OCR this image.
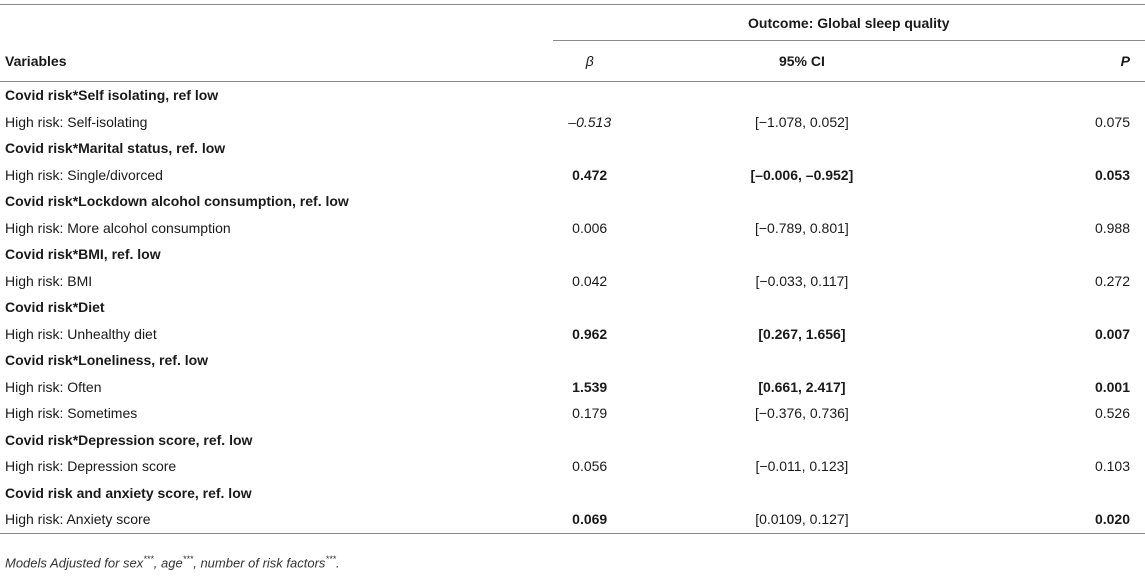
	Outcome: Global sleep quality		
Variables	β	95% CI	P
Covid risk*Self isolating, ref low			
High risk: Self-isolating	–0.513	[−1.078, 0.052]	0.075
Covid risk*Marital status, ref. low			
High risk: Single/divorced	0.472	[–0.006, –0.952]	0.053
Covid risk*Lockdown alcohol consumption, ref. low			
High risk: More alcohol consumption	0.006	[−0.789, 0.801]	0.988
Covid risk*BMI, ref. low			
High risk: BMI	0.042	[−0.033, 0.117]	0.272
Covid risk*Diet			
High risk: Unhealthy diet	0.962	[0.267, 1.656]	0.007
Covid risk*Loneliness, ref. low			
High risk: Often	1.539	[0.661, 2.417]	0.001
High risk: Sometimes	0.179	[−0.376, 0.736]	0.526
Covid risk*Depression score, ref. low			
High risk: Depression score	0.056	[−0.011, 0.123]	0.103
Covid risk and anxiety score, ref. low			
High risk: Anxiety score	0.069	[0.0109, 0.127]	0.020
Models Adjusted for sex***, age***, number of risk factors***.
